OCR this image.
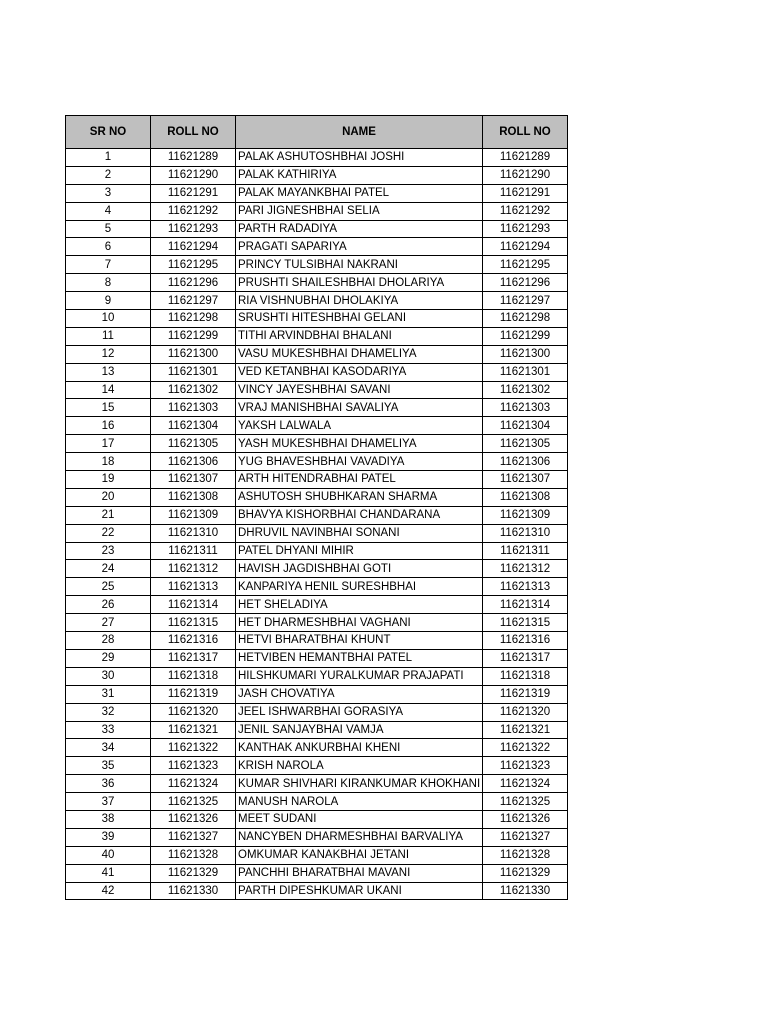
SR NO	ROLL NO	NAME	ROLL NO
1	11621289	PALAK ASHUTOSHBHAI JOSHI	11621289
2	11621290	PALAK KATHIRIYA	11621290
3	11621291	PALAK MAYANKBHAI PATEL	11621291
4	11621292	PARI JIGNESHBHAI SELIA	11621292
5	11621293	PARTH RADADIYA	11621293
6	11621294	PRAGATI SAPARIYA	11621294
7	11621295	PRINCY TULSIBHAI NAKRANI	11621295
8	11621296	PRUSHTI SHAILESHBHAI DHOLARIYA	11621296
9	11621297	RIA VISHNUBHAI DHOLAKIYA	11621297
10	11621298	SRUSHTI HITESHBHAI GELANI	11621298
11	11621299	TITHI ARVINDBHAI BHALANI	11621299
12	11621300	VASU MUKESHBHAI DHAMELIYA	11621300
13	11621301	VED KETANBHAI KASODARIYA	11621301
14	11621302	VINCY JAYESHBHAI SAVANI	11621302
15	11621303	VRAJ MANISHBHAI SAVALIYA	11621303
16	11621304	YAKSH LALWALA	11621304
17	11621305	YASH MUKESHBHAI DHAMELIYA	11621305
18	11621306	YUG BHAVESHBHAI VAVADIYA	11621306
19	11621307	ARTH HITENDRABHAI PATEL	11621307
20	11621308	ASHUTOSH SHUBHKARAN SHARMA	11621308
21	11621309	BHAVYA KISHORBHAI CHANDARANA	11621309
22	11621310	DHRUVIL NAVINBHAI SONANI	11621310
23	11621311	PATEL DHYANI MIHIR	11621311
24	11621312	HAVISH JAGDISHBHAI GOTI	11621312
25	11621313	KANPARIYA HENIL SURESHBHAI	11621313
26	11621314	HET SHELADIYA	11621314
27	11621315	HET DHARMESHBHAI VAGHANI	11621315
28	11621316	HETVI BHARATBHAI KHUNT	11621316
29	11621317	HETVIBEN HEMANTBHAI PATEL	11621317
30	11621318	HILSHKUMARI YURALKUMAR PRAJAPATI	11621318
31	11621319	JASH CHOVATIYA	11621319
32	11621320	JEEL ISHWARBHAI GORASIYA	11621320
33	11621321	JENIL SANJAYBHAI VAMJA	11621321
34	11621322	KANTHAK ANKURBHAI KHENI	11621322
35	11621323	KRISH NAROLA	11621323
36	11621324	KUMAR SHIVHARI KIRANKUMAR KHOKHANI	11621324
37	11621325	MANUSH NAROLA	11621325
38	11621326	MEET SUDANI	11621326
39	11621327	NANCYBEN DHARMESHBHAI BARVALIYA	11621327
40	11621328	OMKUMAR KANAKBHAI JETANI	11621328
41	11621329	PANCHHI BHARATBHAI MAVANI	11621329
42	11621330	PARTH DIPESHKUMAR UKANI	11621330
